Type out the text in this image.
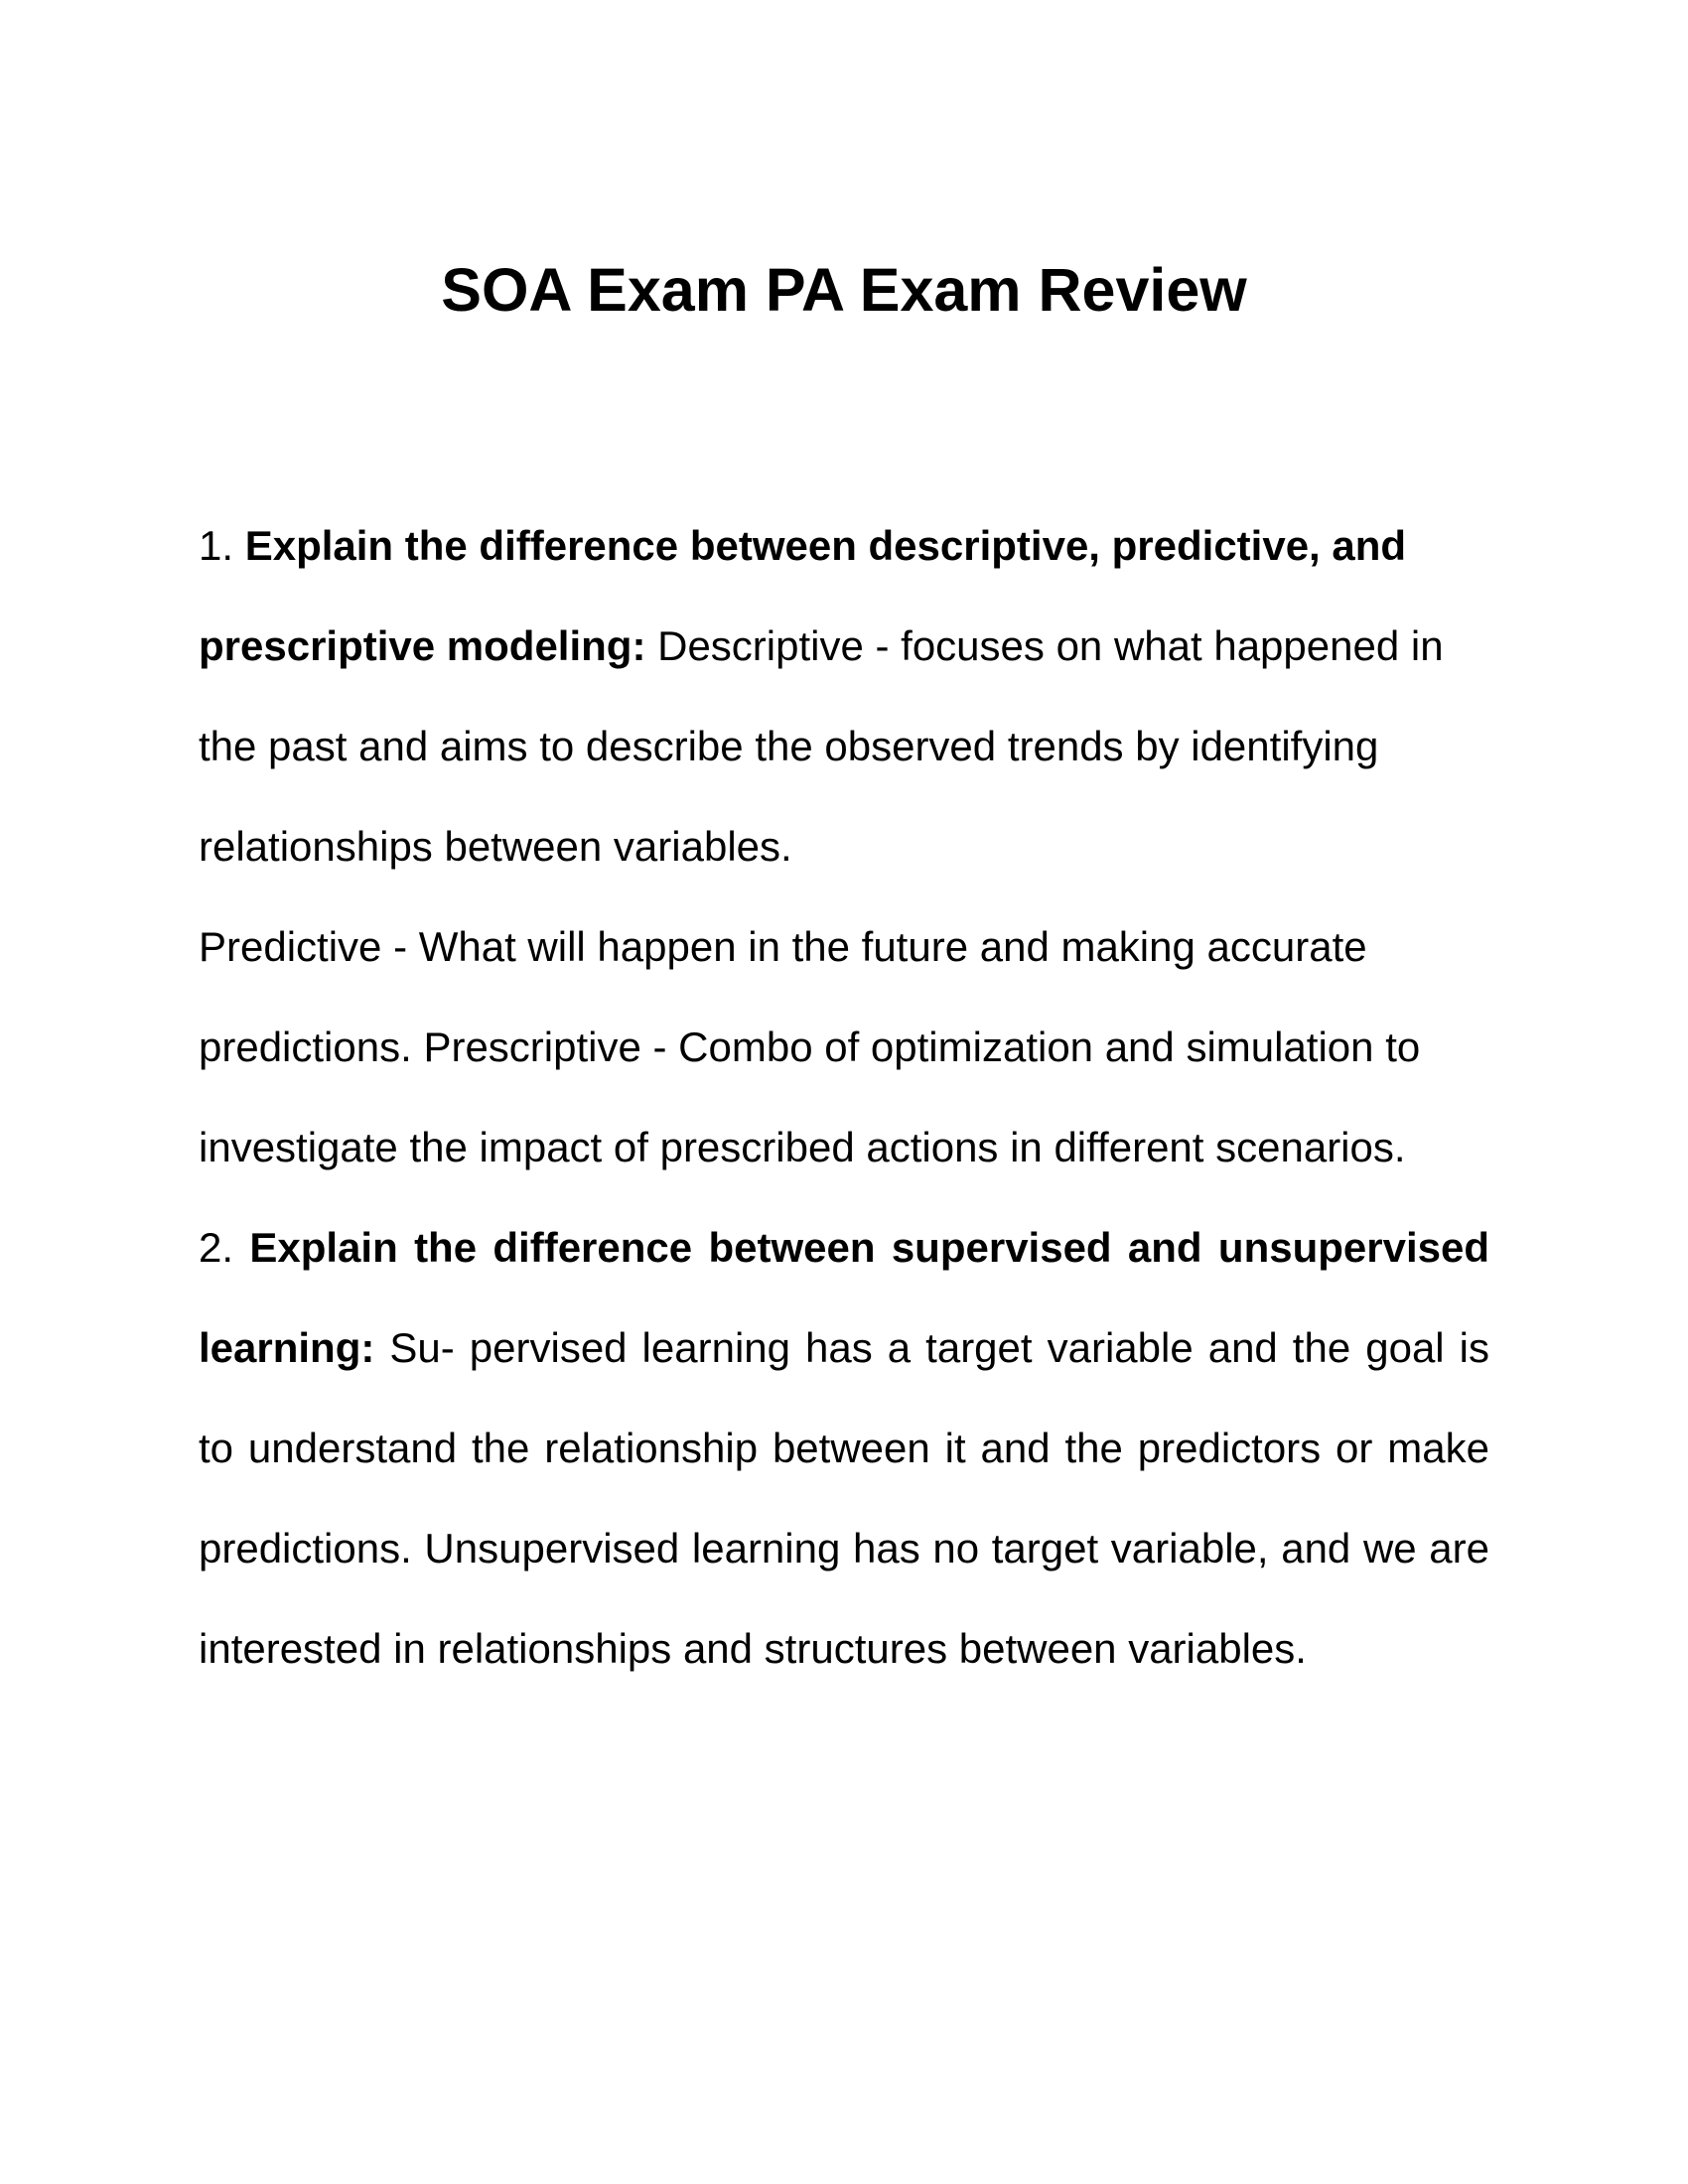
SOA Exam PA Exam Review

1. Explain the difference between descriptive, predictive, and prescriptive modeling: Descriptive - focuses on what happened in the past and aims to describe the observed trends by identifying relationships between variables.

Predictive - What will happen in the future and making accurate predictions. Prescriptive - Combo of optimization and simulation to investigate the impact of prescribed actions in different scenarios.

2. Explain the difference between supervised and unsupervised learning: Su- pervised learning has a target variable and the goal is to understand the relationship between it and the predictors or make predictions. Unsupervised learning has no target variable, and we are interested in relationships and structures between variables.
